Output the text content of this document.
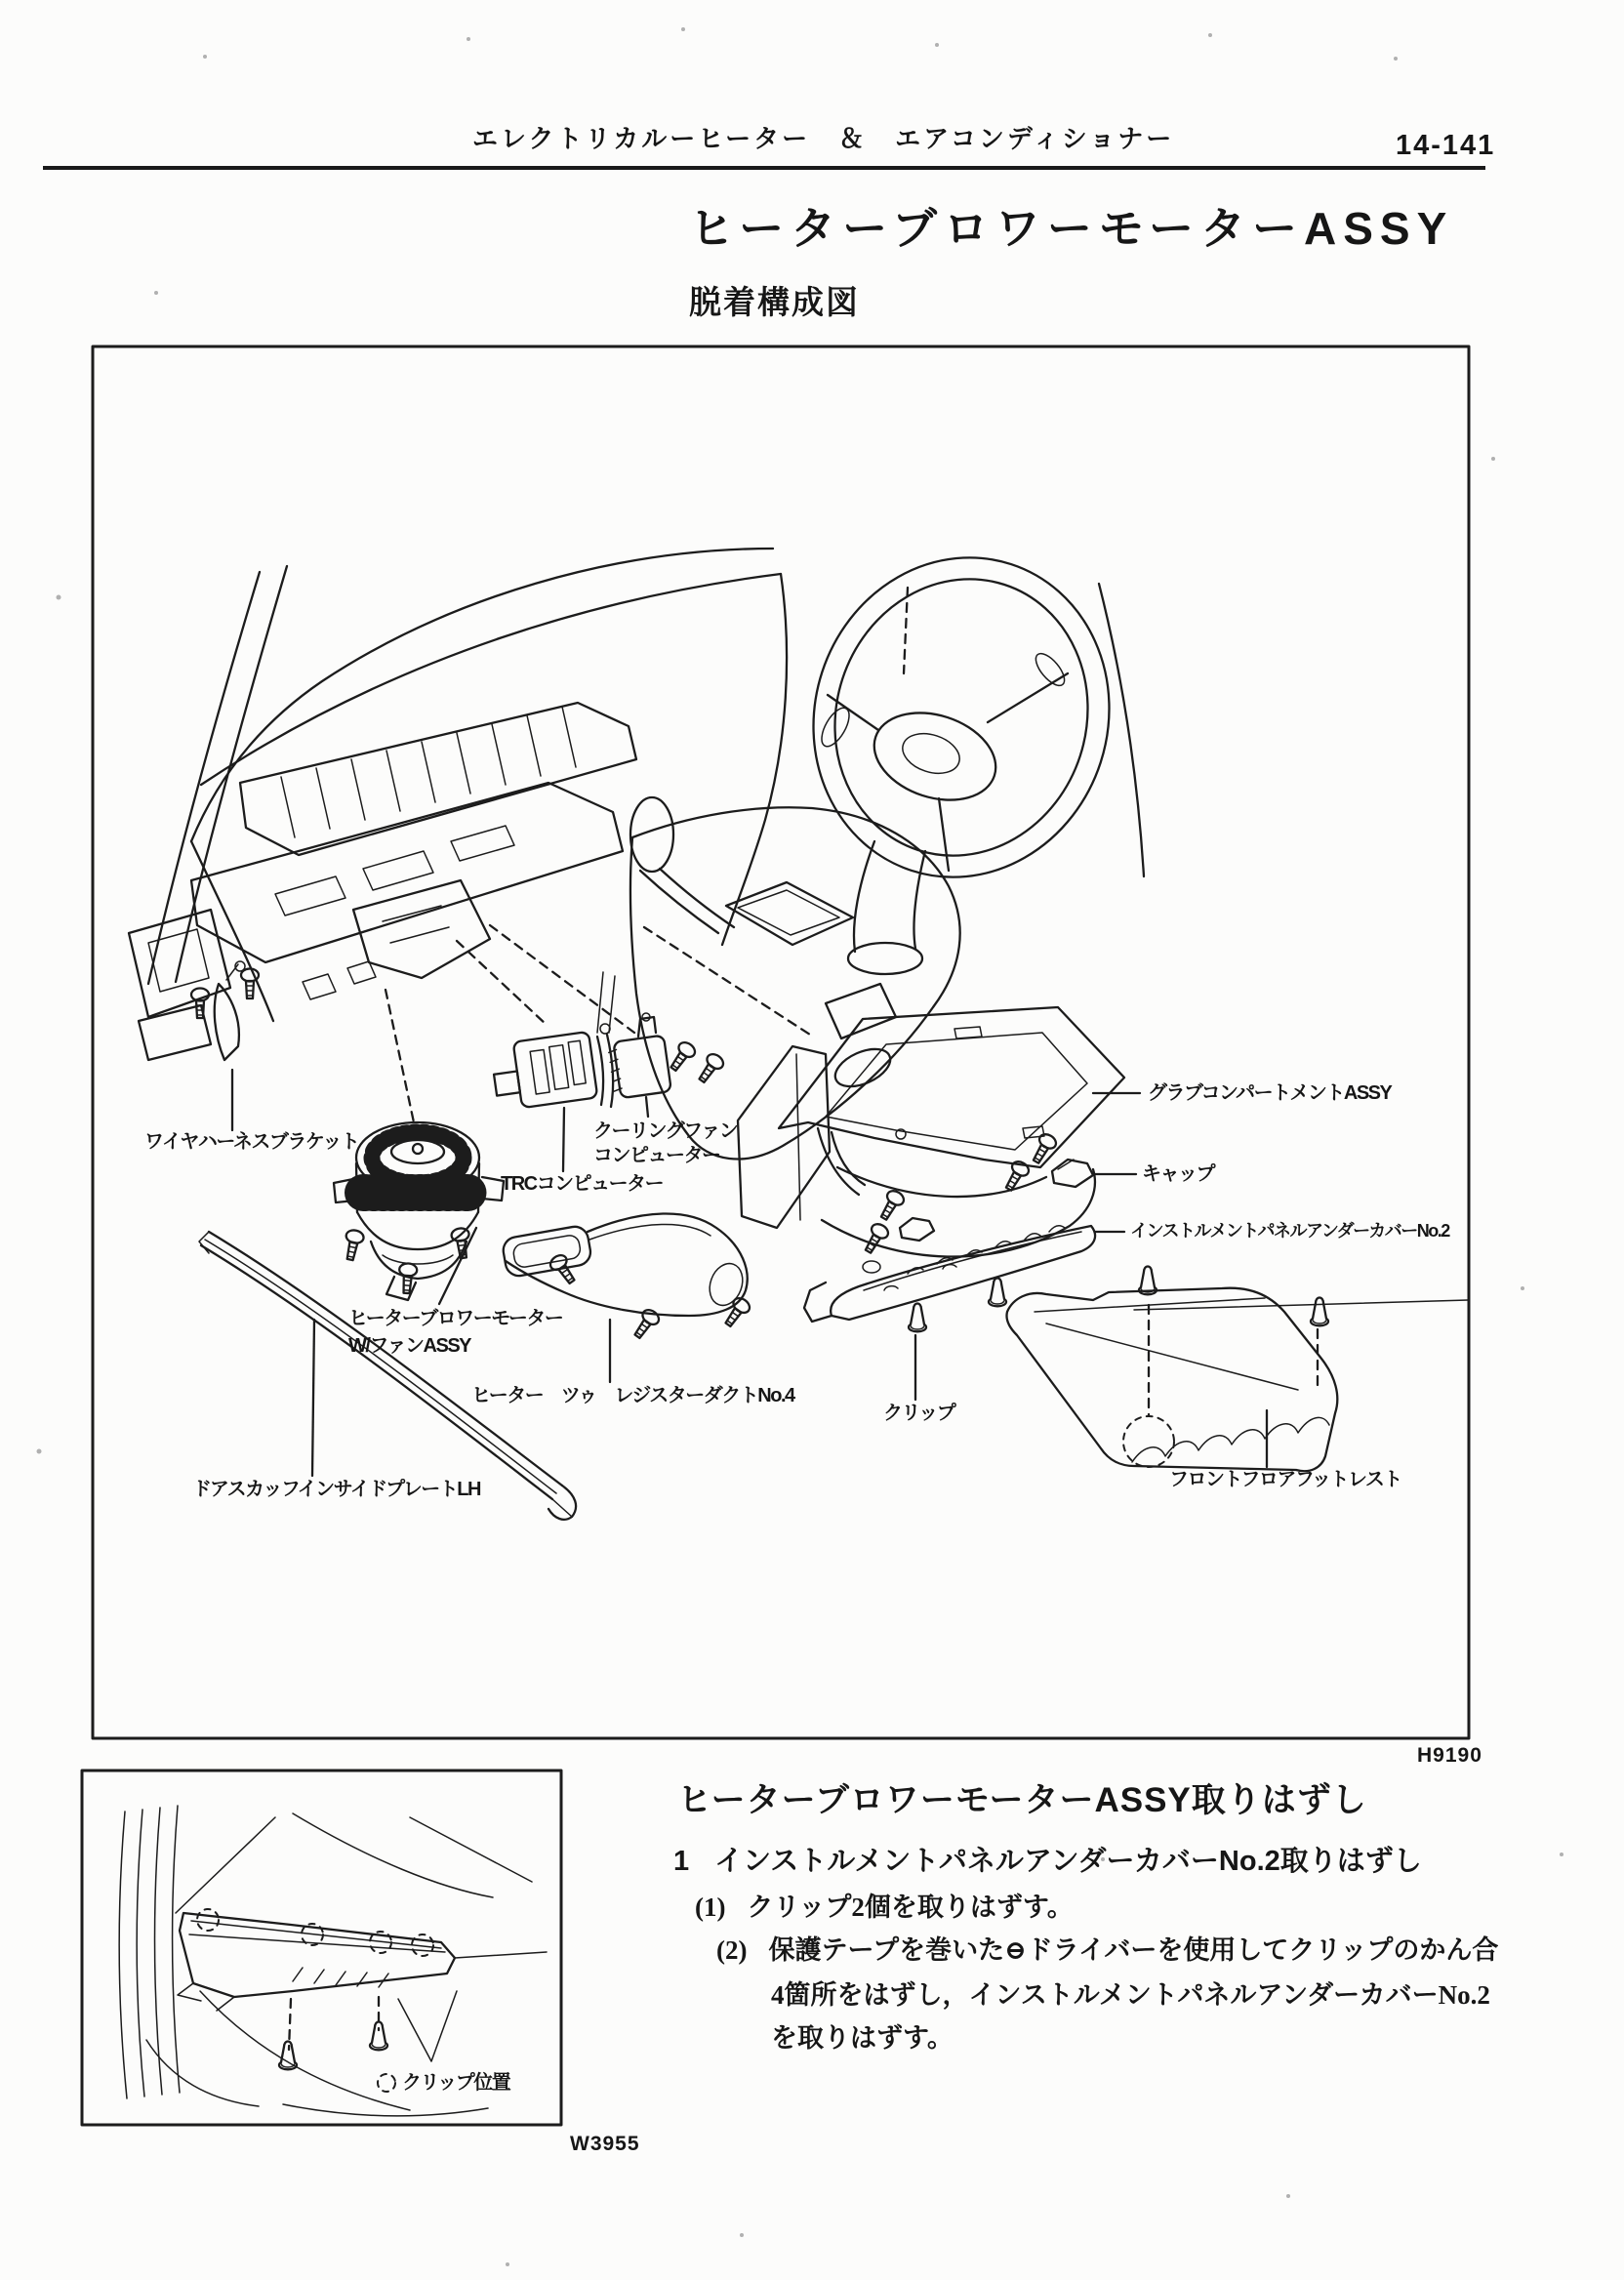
エレクトリカルーヒーター　＆　エアコンディショナー	14-141
ヒーターブロワーモーターASSY
脱着構成図
ワイヤハーネスブラケット
TRCコンピューター
クーリングファン
コンピューター
グラブコンパートメントASSY
キャップ
インストルメントパネルアンダーカバーNo.2
ヒーターブロワーモーター
W/ファンASSY
ヒーター　ツゥ　レジスターダクトNo.4
クリップ
フロントフロアフットレスト
ドアスカッフインサイドプレートLH
H9190
ヒーターブロワーモーターASSY取りはずし
1 インストルメントパネルアンダーカバーNo.2取りはずし
(1) クリップ2個を取りはずす。
(2) 保護テープを巻いた⊖ドライバーを使用してクリップのかん合
4箇所をはずし，インストルメントパネルアンダーカバーNo.2
を取りはずす。
クリップ位置
W3955
